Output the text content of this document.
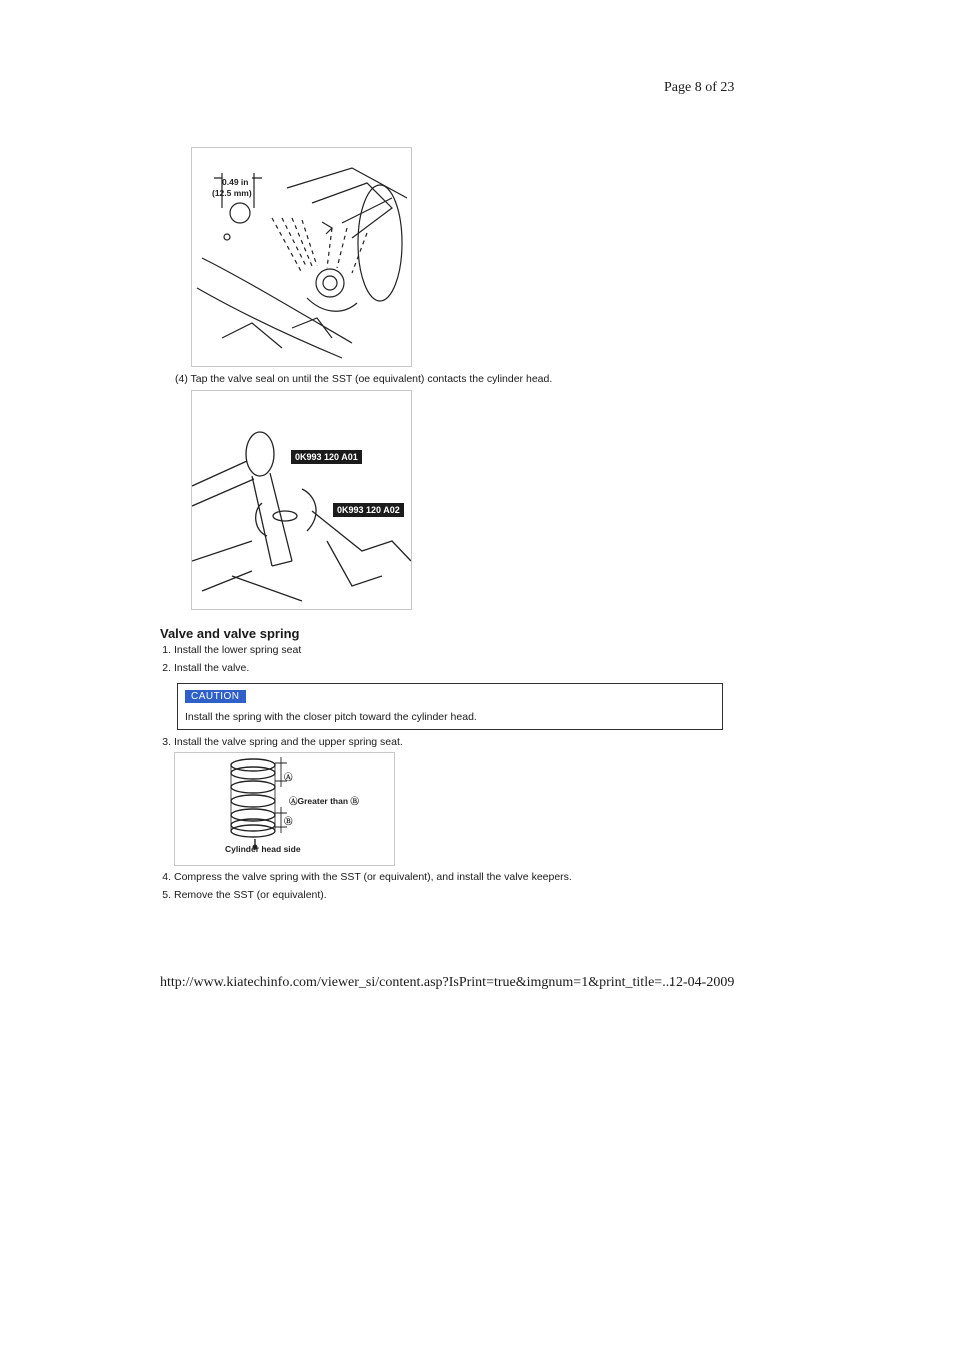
Page 8 of 23
0.49 in
(12.5 mm)
(4) Tap the valve seal on until the SST (oe equivalent) contacts the cylinder head.
0K993 120 A01
0K993 120 A02
Valve and valve spring
1. Install the lower spring seat
2. Install the valve.
CAUTION
Install the spring with the closer pitch toward the cylinder head.
3. Install the valve spring and the upper spring seat.
Ⓐ
ⒶGreater than Ⓑ
Ⓑ
Cylinder head side
4. Compress the valve spring with the SST (or equivalent), and install the valve keepers.
5. Remove the SST (or equivalent).
http://www.kiatechinfo.com/viewer_si/content.asp?IsPrint=true&imgnum=1&print_title=...
12-04-2009
